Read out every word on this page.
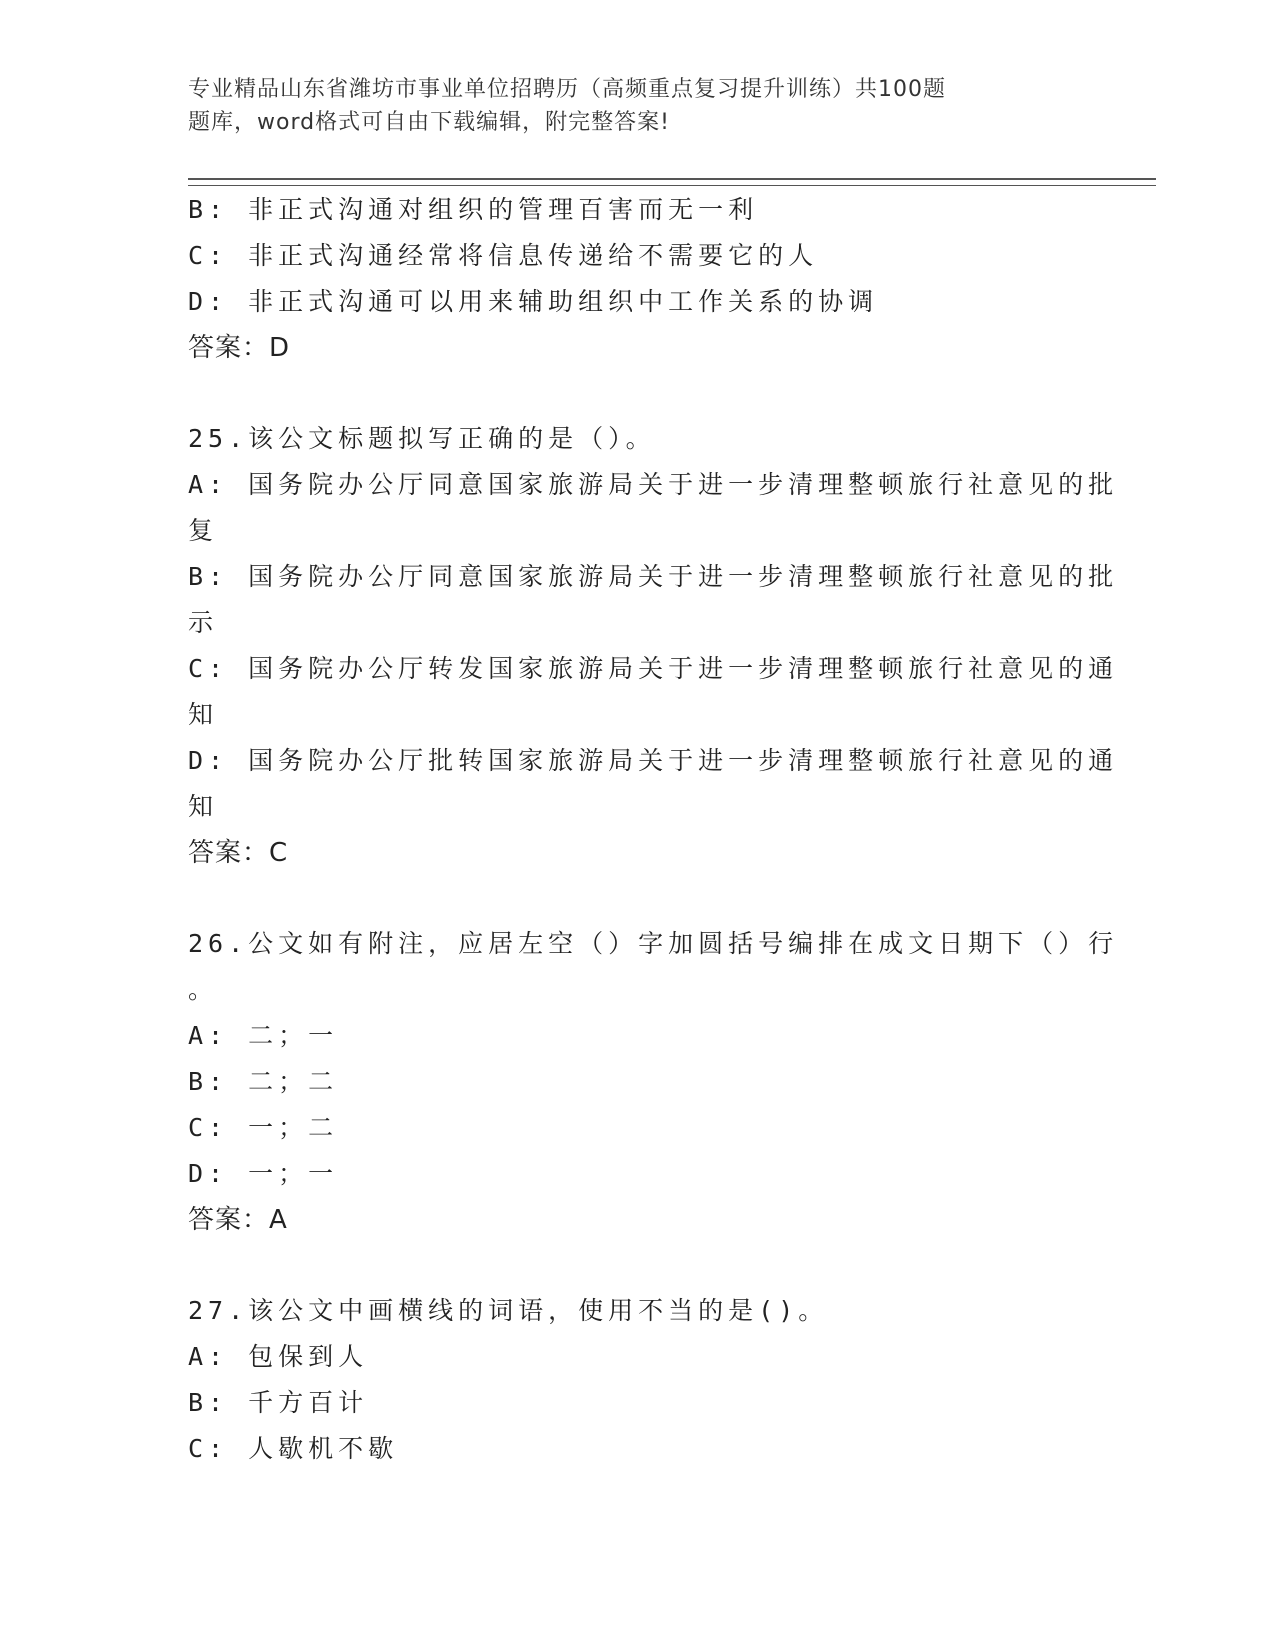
专业精品山东省潍坊市事业单位招聘历（高频重点复习提升训练）共100题
题库，word格式可自由下载编辑，附完整答案!
B: 非正式沟通对组织的管理百害而无一利
C: 非正式沟通经常将信息传递给不需要它的人
D: 非正式沟通可以用来辅助组织中工作关系的协调
答案：D
25.该公文标题拟写正确的是（）。
A: 国务院办公厅同意国家旅游局关于进一步清理整顿旅行社意见的批
复
B: 国务院办公厅同意国家旅游局关于进一步清理整顿旅行社意见的批
示
C: 国务院办公厅转发国家旅游局关于进一步清理整顿旅行社意见的通
知
D: 国务院办公厅批转国家旅游局关于进一步清理整顿旅行社意见的通
知
答案：C
26.公文如有附注，应居左空（）字加圆括号编排在成文日期下（）行
。
A: 二；一
B: 二；二
C: 一；二
D: 一；一
答案：A
27.该公文中画横线的词语，使用不当的是()。
A: 包保到人
B: 千方百计
C: 人歇机不歇
